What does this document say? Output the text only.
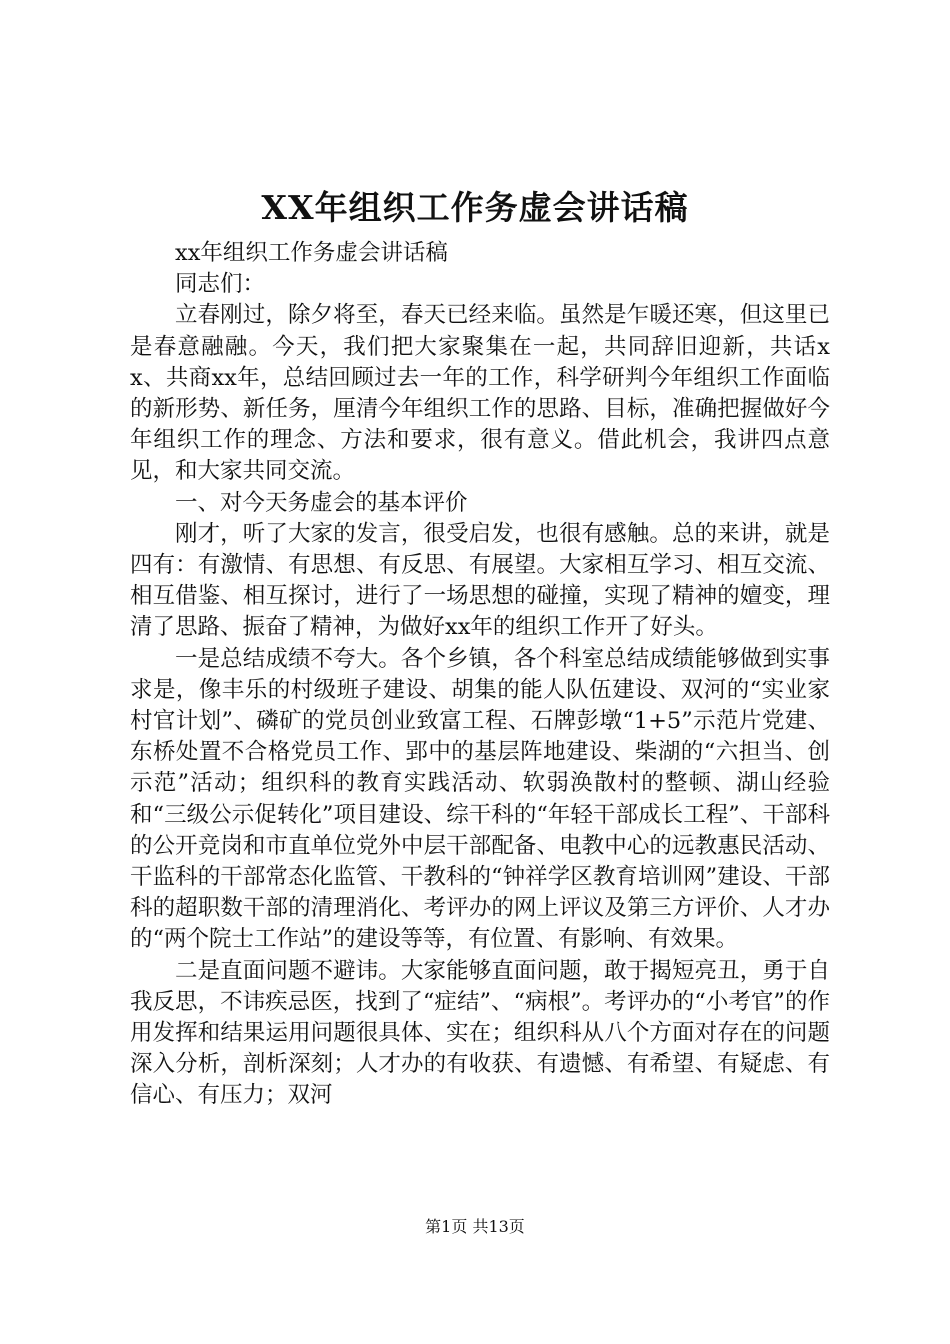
XX年组织工作务虚会讲话稿

xx年组织工作务虚会讲话稿

同志们：

立春刚过，除夕将至，春天已经来临。虽然是乍暖还寒，但这里已是春意融融。今天，我们把大家聚集在一起，共同辞旧迎新，共话xx、共商xx年，总结回顾过去一年的工作，科学研判今年组织工作面临的新形势、新任务，厘清今年组织工作的思路、目标，准确把握做好今年组织工作的理念、方法和要求，很有意义。借此机会，我讲四点意见，和大家共同交流。

一、对今天务虚会的基本评价

刚才，听了大家的发言，很受启发，也很有感触。总的来讲，就是四有：有激情、有思想、有反思、有展望。大家相互学习、相互交流、相互借鉴、相互探讨，进行了一场思想的碰撞，实现了精神的嬗变，理清了思路、振奋了精神，为做好xx年的组织工作开了好头。

一是总结成绩不夸大。各个乡镇，各个科室总结成绩能够做到实事求是，像丰乐的村级班子建设、胡集的能人队伍建设、双河的“实业家村官计划”、磷矿的党员创业致富工程、石牌彭墩“1+5”示范片党建、东桥处置不合格党员工作、郢中的基层阵地建设、柴湖的“六担当、创示范”活动；组织科的教育实践活动、软弱涣散村的整顿、湖山经验和“三级公示促转化”项目建设、综干科的“年轻干部成长工程”、干部科的公开竞岗和市直单位党外中层干部配备、电教中心的远教惠民活动、干监科的干部常态化监管、干教科的“钟祥学区教育培训网”建设、干部科的超职数干部的清理消化、考评办的网上评议及第三方评价、人才办的“两个院士工作站”的建设等等，有位置、有影响、有效果。

二是直面问题不避讳。大家能够直面问题，敢于揭短亮丑，勇于自我反思，不讳疾忌医，找到了“症结”、“病根”。考评办的“小考官”的作用发挥和结果运用问题很具体、实在；组织科从八个方面对存在的问题深入分析，剖析深刻；人才办的有收获、有遗憾、有希望、有疑虑、有信心、有压力；双河

第1页 共13页
